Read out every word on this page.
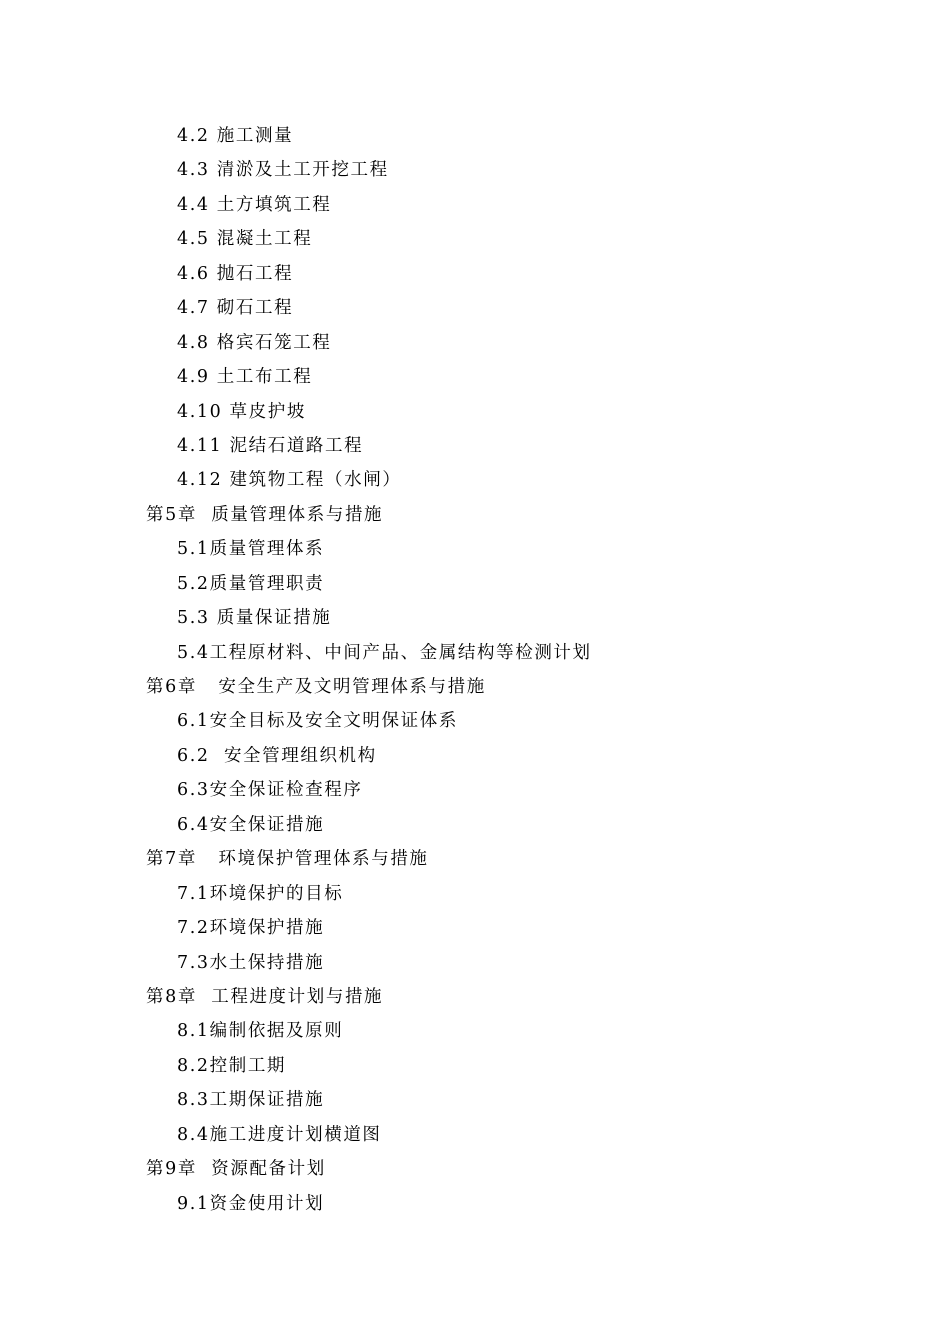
4.2 施工测量
4.3 清淤及土工开挖工程
4.4 土方填筑工程
4.5 混凝土工程
4.6 抛石工程
4.7 砌石工程
4.8 格宾石笼工程
4.9 土工布工程
4.10 草皮护坡
4.11 泥结石道路工程
4.12 建筑物工程（水闸）
第5章  质量管理体系与措施
5.1质量管理体系
5.2质量管理职责
5.3 质量保证措施
5.4工程原材料、中间产品、金属结构等检测计划
第6章   安全生产及文明管理体系与措施
6.1安全目标及安全文明保证体系
6.2  安全管理组织机构
6.3安全保证检查程序
6.4安全保证措施
第7章   环境保护管理体系与措施
7.1环境保护的目标
7.2环境保护措施
7.3水土保持措施
第8章  工程进度计划与措施
8.1编制依据及原则
8.2控制工期
8.3工期保证措施
8.4施工进度计划横道图
第9章  资源配备计划
9.1资金使用计划
